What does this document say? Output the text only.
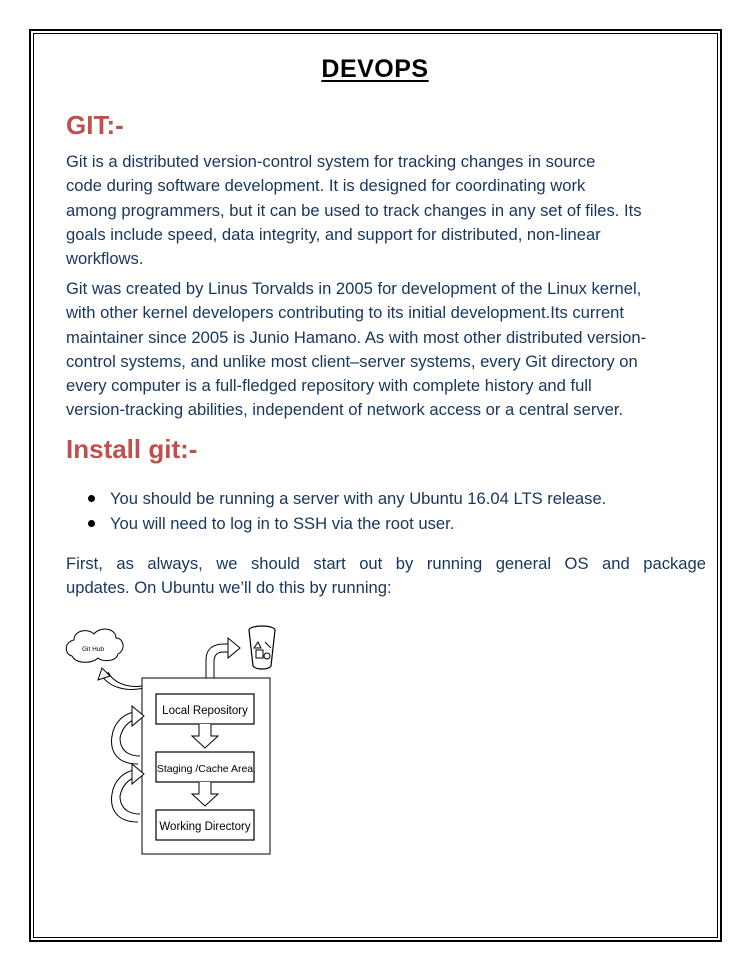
DEVOPS
GIT:-
Git is a distributed version-control system for tracking changes in source
code during software development. It is designed for coordinating work
among programmers, but it can be used to track changes in any set of files. Its
goals include speed, data integrity, and support for distributed, non-linear
workflows.
Git was created by Linus Torvalds in 2005 for development of the Linux kernel,
with other kernel developers contributing to its initial development.Its current
maintainer since 2005 is Junio Hamano. As with most other distributed version-
control systems, and unlike most client–server systems, every Git directory on
every computer is a full-fledged repository with complete history and full
version-tracking abilities, independent of network access or a central server.
Install git:-
You should be running a server with any Ubuntu 16.04 LTS release.
You will need to log in to SSH via the root user.
First, as always, we should start out by running general OS and package
updates. On Ubuntu we’ll do this by running:
Git Hub
Local Repository
Staging /Cache Area
Working Directory
